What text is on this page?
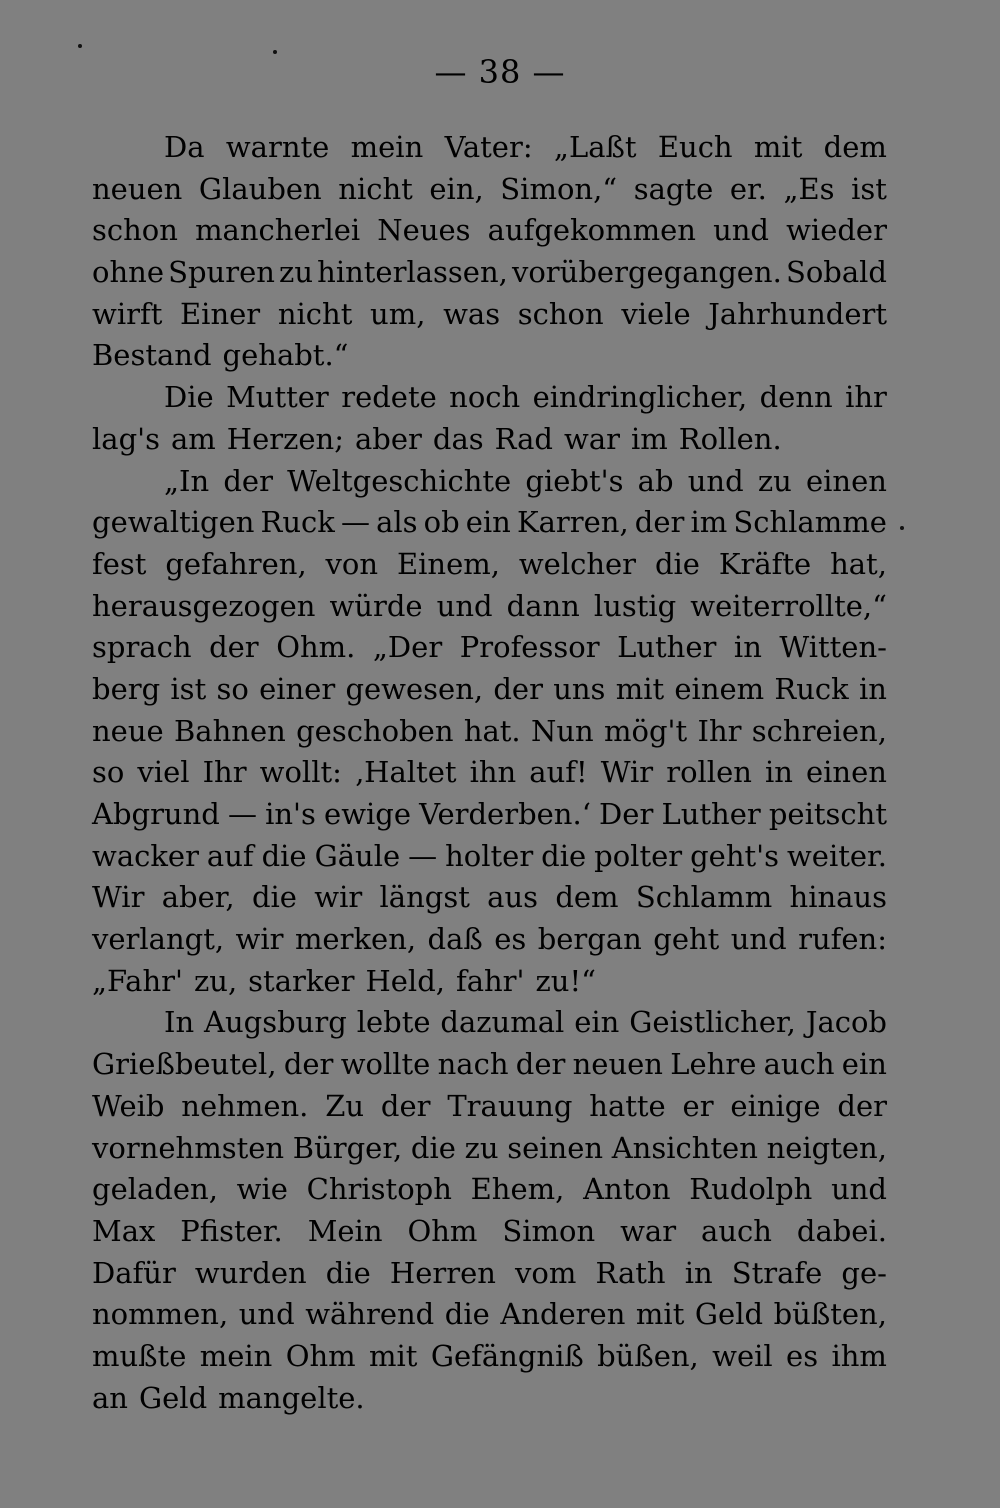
— 38 —
Da warnte mein Vater: „Laßt Euch mit dem
neuen Glauben nicht ein, Simon,“ sagte er. „Es ist
schon mancherlei Neues aufgekommen und wieder
ohne Spuren zu hinterlassen, vorübergegangen. Sobald
wirft Einer nicht um, was schon viele Jahrhundert
Bestand gehabt.“
Die Mutter redete noch eindringlicher, denn ihr
lag's am Herzen; aber das Rad war im Rollen.
„In der Weltgeschichte giebt's ab und zu einen
gewaltigen Ruck — als ob ein Karren, der im Schlamme
fest gefahren, von Einem, welcher die Kräfte hat,
herausgezogen würde und dann lustig weiterrollte,“
sprach der Ohm. „Der Professor Luther in Witten-
berg ist so einer gewesen, der uns mit einem Ruck in
neue Bahnen geschoben hat. Nun mög't Ihr schreien,
so viel Ihr wollt: ‚Haltet ihn auf! Wir rollen in einen
Abgrund — in's ewige Verderben.‘ Der Luther peitscht
wacker auf die Gäule — holter die polter geht's weiter.
Wir aber, die wir längst aus dem Schlamm hinaus
verlangt, wir merken, daß es bergan geht und rufen:
„Fahr' zu, starker Held, fahr' zu!“
In Augsburg lebte dazumal ein Geistlicher, Jacob
Grießbeutel, der wollte nach der neuen Lehre auch ein
Weib nehmen. Zu der Trauung hatte er einige der
vornehmsten Bürger, die zu seinen Ansichten neigten,
geladen, wie Christoph Ehem, Anton Rudolph und
Max Pfister. Mein Ohm Simon war auch dabei.
Dafür wurden die Herren vom Rath in Strafe ge-
nommen, und während die Anderen mit Geld büßten,
mußte mein Ohm mit Gefängniß büßen, weil es ihm
an Geld mangelte.
